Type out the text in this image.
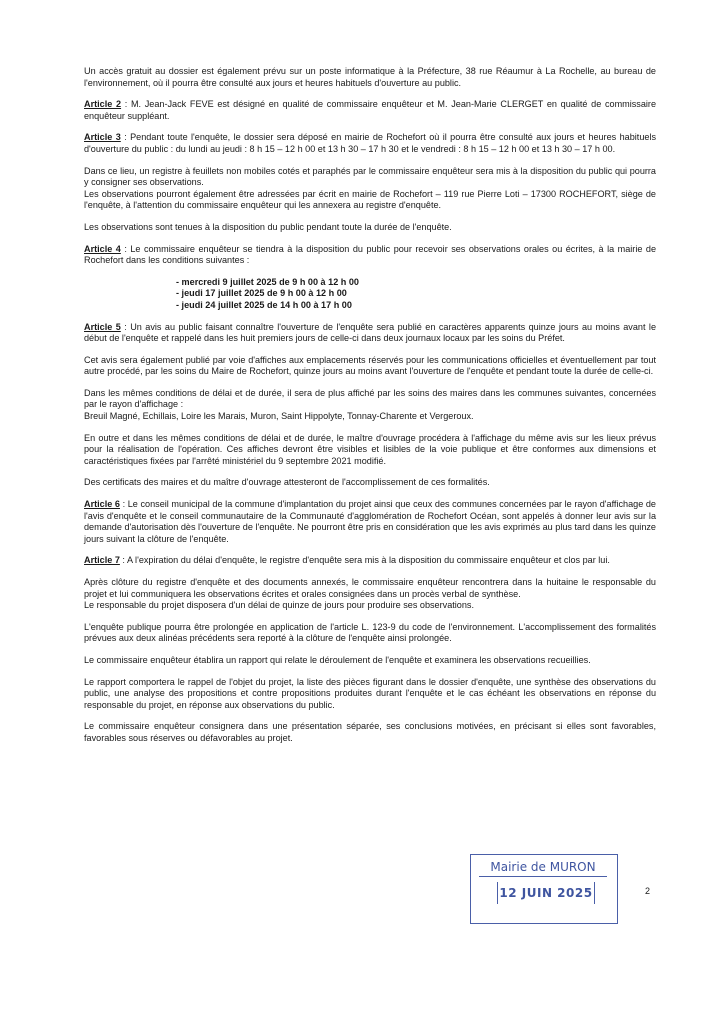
Un accès gratuit au dossier est également prévu sur un poste informatique à la Préfecture, 38 rue Réaumur à La Rochelle, au bureau de l'environnement, où il pourra être consulté aux jours et heures habituels d'ouverture au public.

Article 2 : M. Jean-Jack FEVE est désigné en qualité de commissaire enquêteur et M. Jean-Marie CLERGET en qualité de commissaire enquêteur suppléant.

Article 3 : Pendant toute l'enquête, le dossier sera déposé en mairie de Rochefort où il pourra être consulté aux jours et heures habituels d'ouverture du public : du lundi au jeudi : 8 h 15 – 12 h 00 et 13 h 30 – 17 h 30 et le vendredi : 8 h 15 – 12 h 00 et 13 h 30 – 17 h 00.

Dans ce lieu, un registre à feuillets non mobiles cotés et paraphés par le commissaire enquêteur sera mis à la disposition du public qui pourra y consigner ses observations.

Les observations pourront également être adressées par écrit en mairie de Rochefort – 119 rue Pierre Loti – 17300 ROCHEFORT, siège de l'enquête, à l'attention du commissaire enquêteur qui les annexera au registre d'enquête.

Les observations sont tenues à la disposition du public pendant toute la durée de l'enquête.

Article 4 : Le commissaire enquêteur se tiendra à la disposition du public pour recevoir ses observations orales ou écrites, à la mairie de Rochefort dans les conditions suivantes :

- mercredi 9 juillet 2025 de 9 h 00 à 12 h 00
- jeudi 17 juillet 2025 de 9 h 00 à 12 h 00
- jeudi 24 juillet 2025 de 14 h 00 à 17 h 00

Article 5 : Un avis au public faisant connaître l'ouverture de l'enquête sera publié en caractères apparents quinze jours au moins avant le début de l'enquête et rappelé dans les huit premiers jours de celle-ci dans deux journaux locaux par les soins du Préfet.

Cet avis sera également publié par voie d'affiches aux emplacements réservés pour les communications officielles et éventuellement par tout autre procédé, par les soins du Maire de Rochefort, quinze jours au moins avant l'ouverture de l'enquête et pendant toute la durée de celle-ci.

Dans les mêmes conditions de délai et de durée, il sera de plus affiché par les soins des maires dans les communes suivantes, concernées par le rayon d'affichage :

Breuil Magné, Echillais, Loire les Marais, Muron, Saint Hippolyte, Tonnay-Charente et Vergeroux.

En outre et dans les mêmes conditions de délai et de durée, le maître d'ouvrage procédera à l'affichage du même avis sur les lieux prévus pour la réalisation de l'opération. Ces affiches devront être visibles et lisibles de la voie publique et être conformes aux dimensions et caractéristiques fixées par l'arrêté ministériel du 9 septembre 2021 modifié.

Des certificats des maires et du maître d'ouvrage attesteront de l'accomplissement de ces formalités.

Article 6 : Le conseil municipal de la commune d'implantation du projet ainsi que ceux des communes concernées par le rayon d'affichage de l'avis d'enquête et le conseil communautaire de la Communauté d'agglomération de Rochefort Océan, sont appelés à donner leur avis sur la demande d'autorisation dès l'ouverture de l'enquête. Ne pourront être pris en considération que les avis exprimés au plus tard dans les quinze jours suivant la clôture de l'enquête.

Article 7 : A l'expiration du délai d'enquête, le registre d'enquête sera mis à la disposition du commissaire enquêteur et clos par lui.

Après clôture du registre d'enquête et des documents annexés, le commissaire enquêteur rencontrera dans la huitaine le responsable du projet et lui communiquera les observations écrites et orales consignées dans un procès verbal de synthèse.

Le responsable du projet disposera d'un délai de quinze de jours pour produire ses observations.

L'enquête publique pourra être prolongée en application de l'article L. 123-9 du code de l'environnement. L'accomplissement des formalités prévues aux deux alinéas précédents sera reporté à la clôture de l'enquête ainsi prolongée.

Le commissaire enquêteur établira un rapport qui relate le déroulement de l'enquête et examinera les observations recueillies.

Le rapport comportera le rappel de l'objet du projet, la liste des pièces figurant dans le dossier d'enquête, une synthèse des observations du public, une analyse des propositions et contre propositions produites durant l'enquête et le cas échéant les observations en réponse du responsable du projet, en réponse aux observations du public.

Le commissaire enquêteur consignera dans une présentation séparée, ses conclusions motivées, en précisant si elles sont favorables, favorables sous réserves ou défavorables au projet.

Mairie de MURON
12 JUIN 2025	2
